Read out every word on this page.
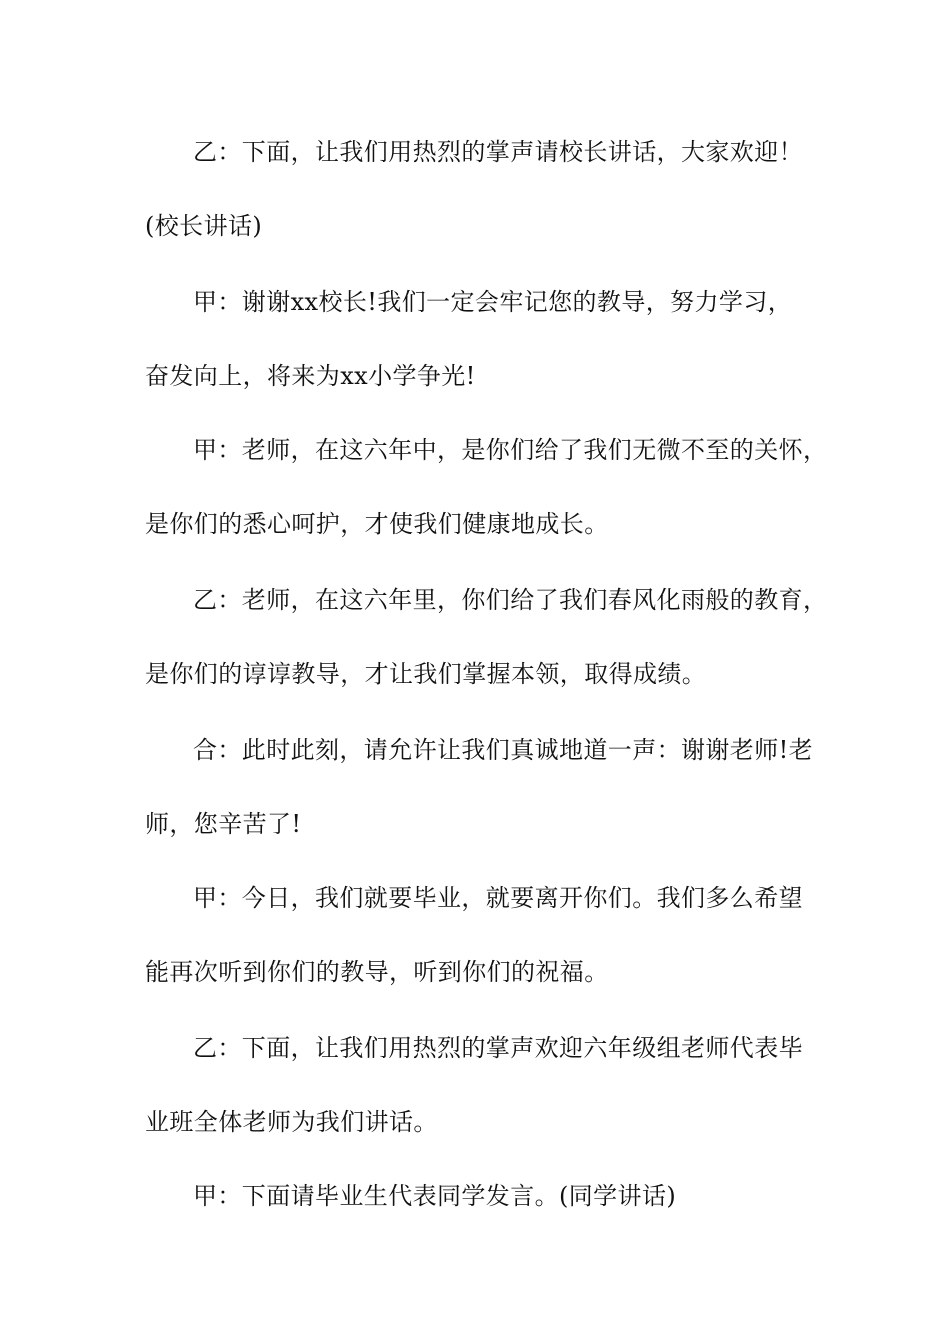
乙：下面，让我们用热烈的掌声请校长讲话，大家欢迎！
(校长讲话)
甲：谢谢xx校长!我们一定会牢记您的教导，努力学习，
奋发向上，将来为xx小学争光!
甲：老师，在这六年中，是你们给了我们无微不至的关怀，
是你们的悉心呵护，才使我们健康地成长。
乙：老师，在这六年里，你们给了我们春风化雨般的教育，
是你们的谆谆教导，才让我们掌握本领，取得成绩。
合：此时此刻，请允许让我们真诚地道一声：谢谢老师!老
师，您辛苦了!
甲：今日，我们就要毕业，就要离开你们。我们多么希望
能再次听到你们的教导，听到你们的祝福。
乙：下面，让我们用热烈的掌声欢迎六年级组老师代表毕
业班全体老师为我们讲话。
甲：下面请毕业生代表同学发言。(同学讲话)
